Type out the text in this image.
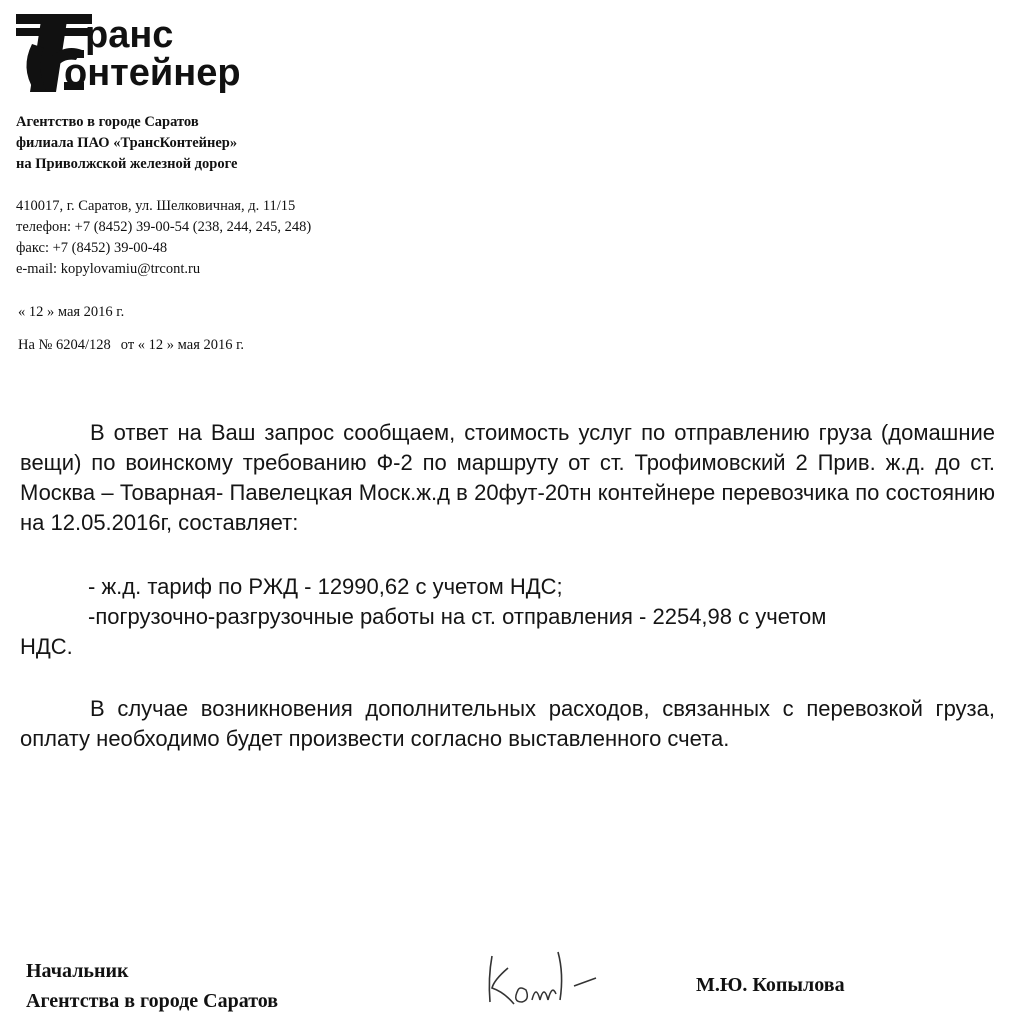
ранс
онтейнер
Агентство в городе Саратов
филиала ПАО «ТрансКонтейнер»
на Приволжской железной дороге
410017, г. Саратов, ул. Шелковичная, д. 11/15
телефон: +7 (8452) 39-00-54 (238, 244, 245, 248)
факс: +7 (8452) 39-00-48
e-mail: kopylovamiu@trcont.ru
« 12 » мая 2016 г.
На № 6204/128 от « 12 » мая 2016 г.

В ответ на Ваш запрос сообщаем, стоимость услуг по отправлению груза (домашние вещи) по воинскому требованию Ф-2 по маршруту от ст. Трофимовский 2 Прив. ж.д. до ст. Москва – Товарная- Павелецкая Моск.ж.д в 20фут-20тн контейнере перевозчика по состоянию на 12.05.2016г, составляет:

- ж.д. тариф по РЖД - 12990,62 с учетом НДС;

-погрузочно-разгрузочные работы на ст. отправления - 2254,98 с учетом

НДС.

В случае возникновения дополнительных расходов, связанных с перевозкой груза, оплату необходимо будет произвести согласно выставленного счета.

Начальник
Агентства в городе Саратов
М.Ю. Копылова
